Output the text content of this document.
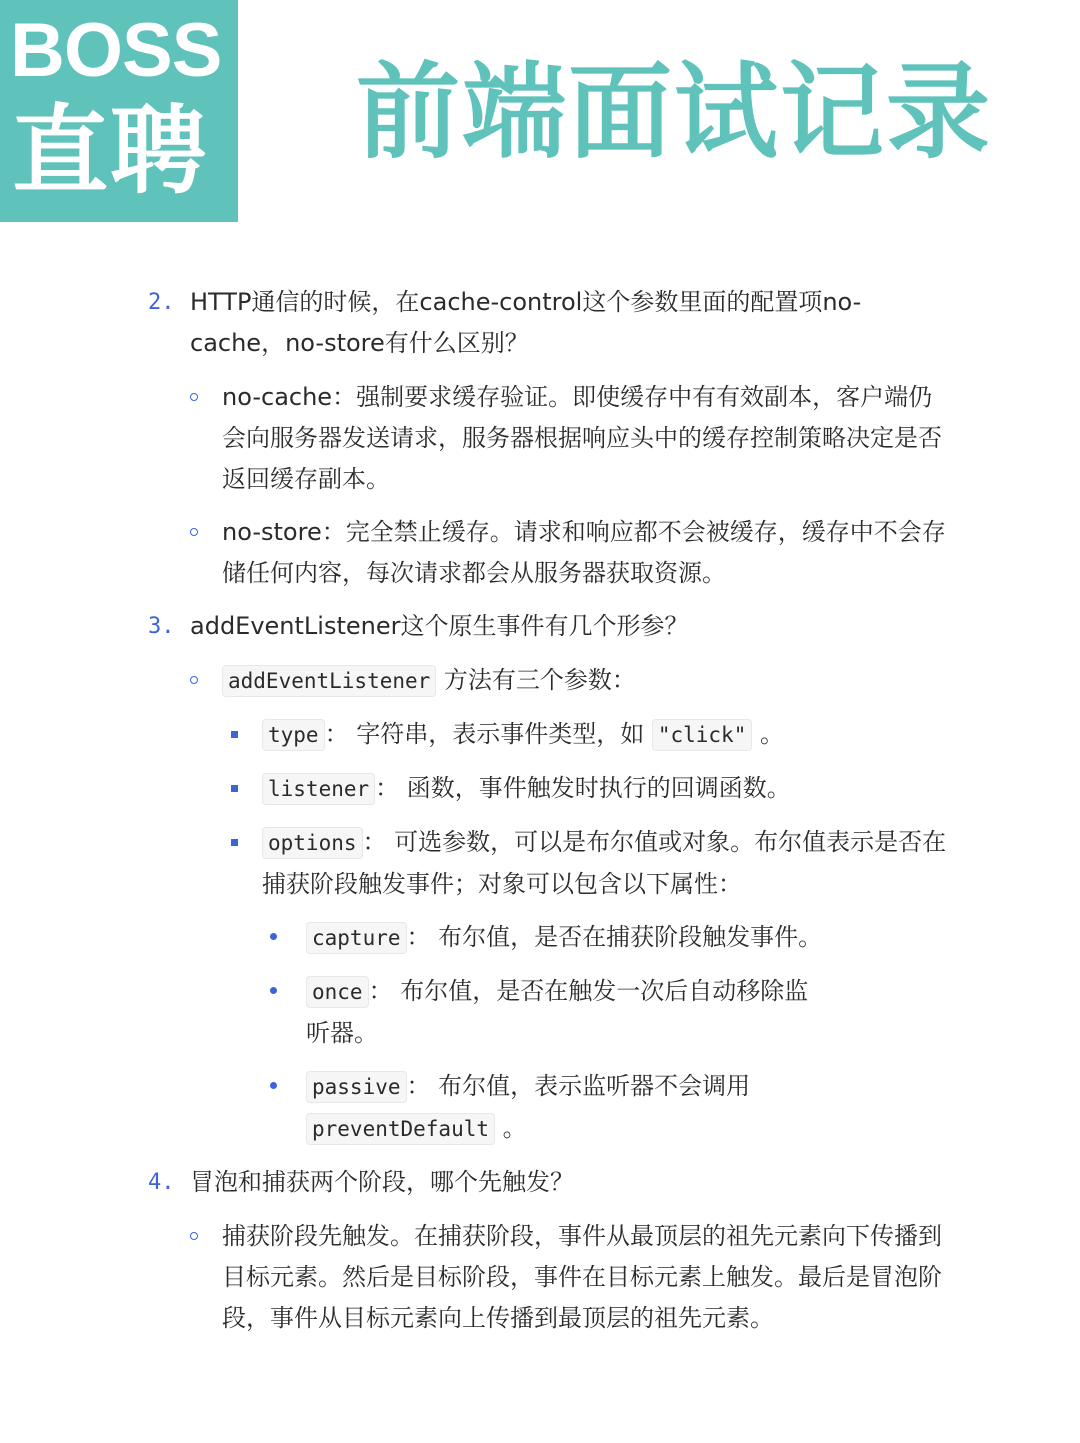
BOSS
直聘 前端面试记录
2. HTTP通信的时候，在cache-control这个参数里面的配置项no-cache，no-store有什么区别？
no-cache：强制要求缓存验证。即使缓存中有有效副本，客户端仍会向服务器发送请求，服务器根据响应头中的缓存控制策略决定是否返回缓存副本。
no-store：完全禁止缓存。请求和响应都不会被缓存，缓存中不会存储任何内容，每次请求都会从服务器获取资源。
3. addEventListener这个原生事件有几个形参？
addEventListener 方法有三个参数：
type ： 字符串，表示事件类型，如 "click" 。
listener ： 函数，事件触发时执行的回调函数。
options ： 可选参数，可以是布尔值或对象。布尔值表示是否在捕获阶段触发事件；对象可以包含以下属性：
capture ： 布尔值，是否在捕获阶段触发事件。
once ： 布尔值，是否在触发一次后自动移除监听器。
passive ： 布尔值，表示监听器不会调用 preventDefault 。
4. 冒泡和捕获两个阶段，哪个先触发？
捕获阶段先触发。在捕获阶段，事件从最顶层的祖先元素向下传播到目标元素。然后是目标阶段，事件在目标元素上触发。最后是冒泡阶段，事件从目标元素向上传播到最顶层的祖先元素。
